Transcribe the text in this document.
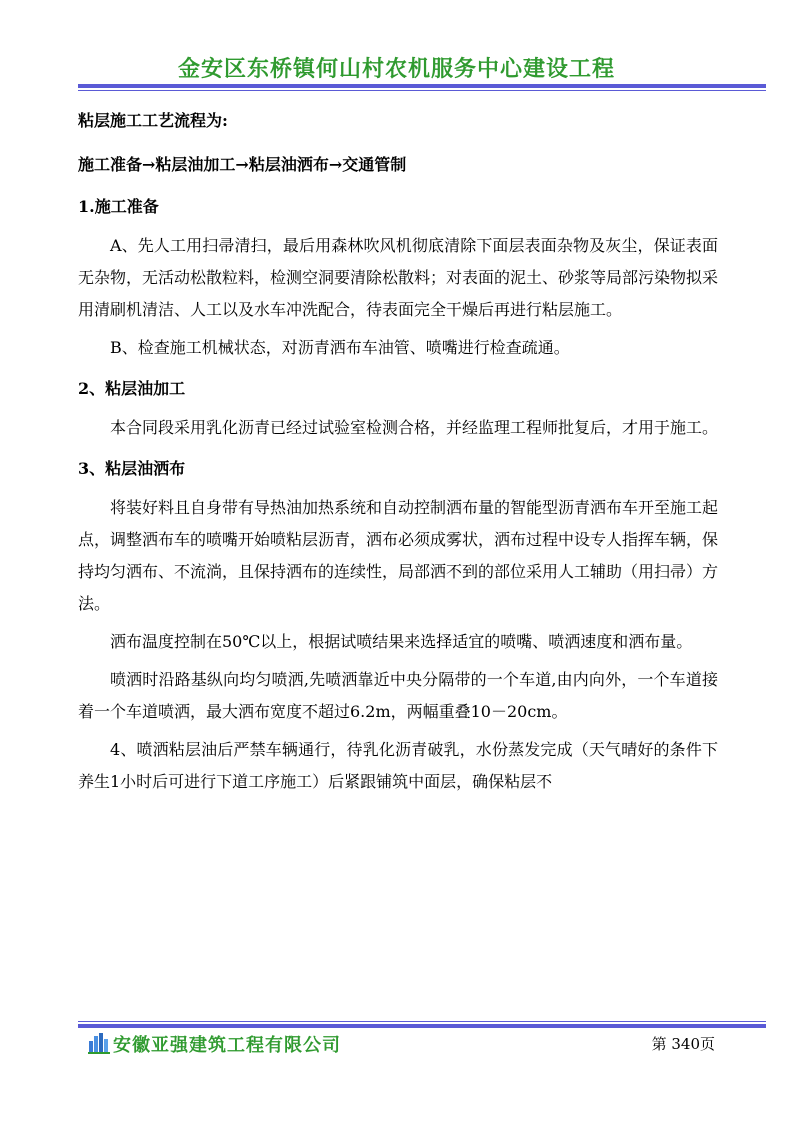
金安区东桥镇何山村农机服务中心建设工程

粘层施工工艺流程为:

施工准备→粘层油加工→粘层油洒布→交通管制

1.施工准备

A、先人工用扫帚清扫，最后用森林吹风机彻底清除下面层表面杂物及灰尘，保证表面无杂物，无活动松散粒料，检测空洞要清除松散料；对表面的泥土、砂浆等局部污染物拟采用清刷机清洁、人工以及水车冲洗配合，待表面完全干燥后再进行粘层施工。

B、检查施工机械状态，对沥青洒布车油管、喷嘴进行检查疏通。

2、粘层油加工

本合同段采用乳化沥青已经过试验室检测合格，并经监理工程师批复后，才用于施工。

3、粘层油洒布

将装好料且自身带有导热油加热系统和自动控制洒布量的智能型沥青洒布车开至施工起点，调整洒布车的喷嘴开始喷粘层沥青，洒布必须成雾状，洒布过程中设专人指挥车辆，保持均匀洒布、不流淌，且保持洒布的连续性，局部洒不到的部位采用人工辅助（用扫帚）方法。

洒布温度控制在50℃以上，根据试喷结果来选择适宜的喷嘴、喷洒速度和洒布量。

喷洒时沿路基纵向均匀喷洒,先喷洒靠近中央分隔带的一个车道,由内向外，一个车道接着一个车道喷洒，最大洒布宽度不超过6.2m，两幅重叠10－20cm。

4、喷洒粘层油后严禁车辆通行，待乳化沥青破乳，水份蒸发完成（天气晴好的条件下养生1小时后可进行下道工序施工）后紧跟铺筑中面层，确保粘层不

安徽亚强建筑工程有限公司	第 340页
